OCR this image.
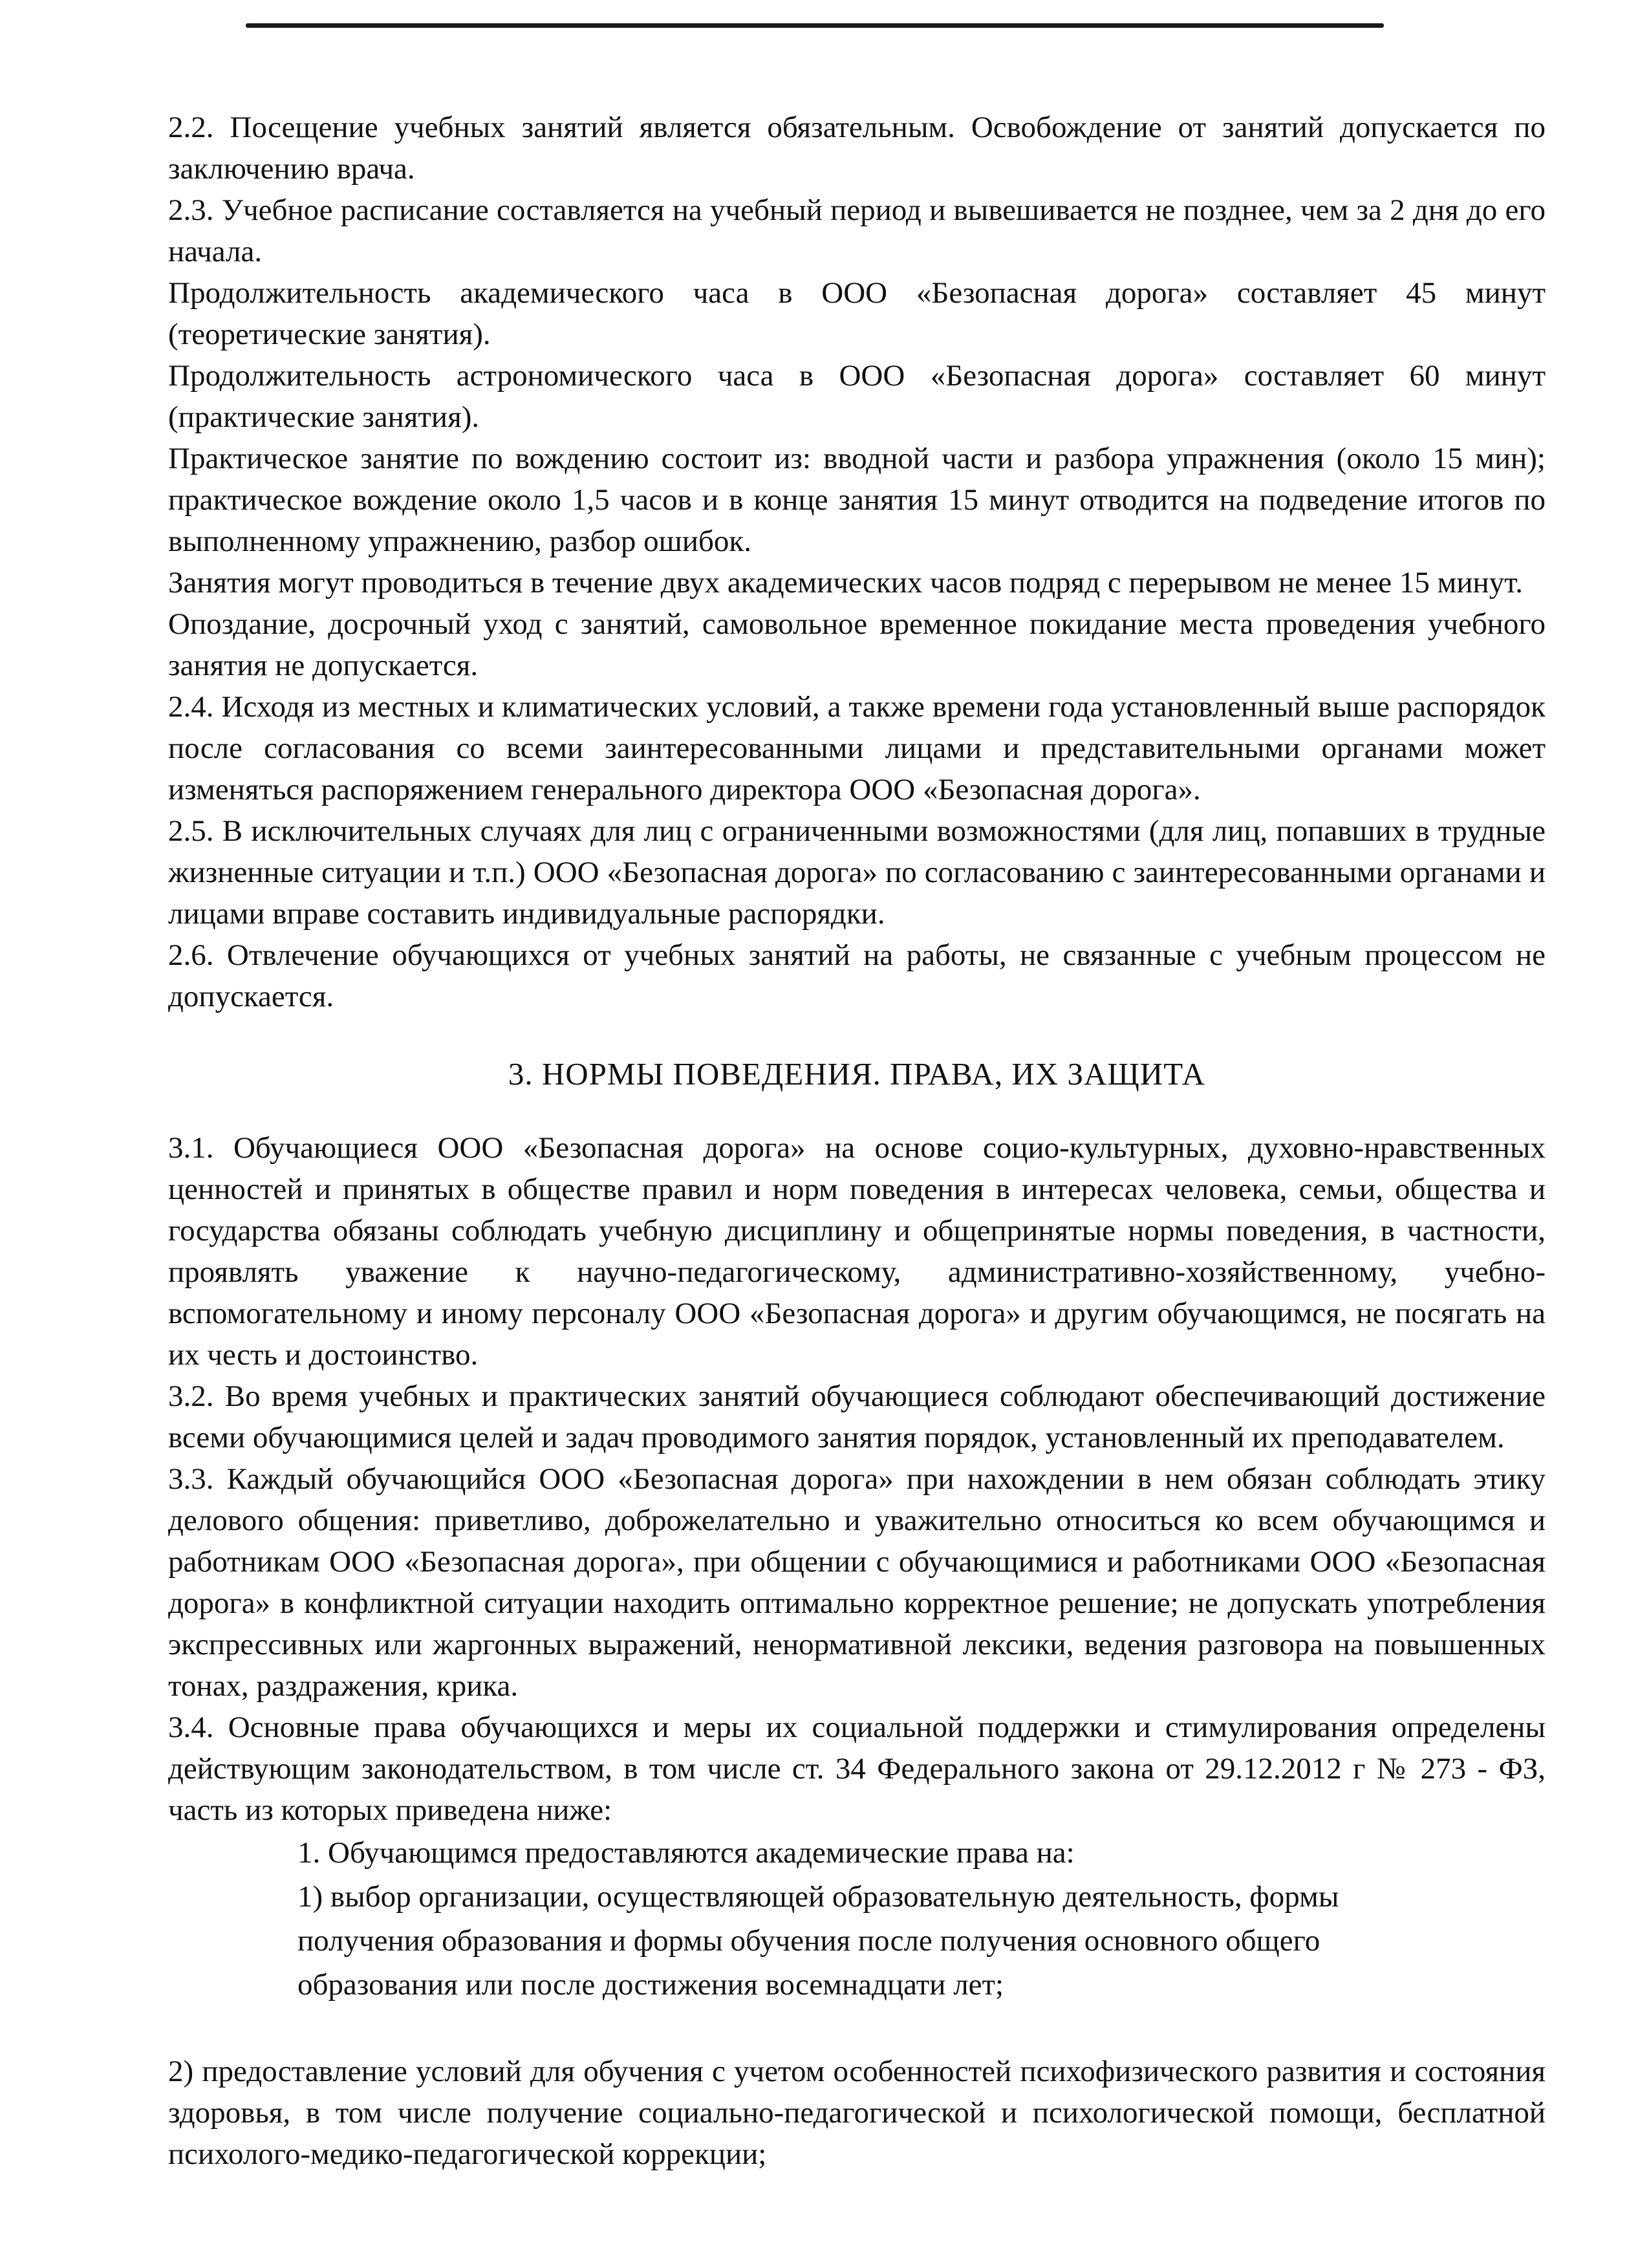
2.2. Посещение учебных занятий является обязательным. Освобождение от занятий допускается по заключению врача.

2.3. Учебное расписание составляется на учебный период и вывешивается не позднее, чем за 2 дня до его начала.

Продолжительность академического часа в ООО «Безопасная дорога» составляет 45 минут (теоретические занятия).

Продолжительность астрономического часа в ООО «Безопасная дорога» составляет 60 минут (практические занятия).

Практическое занятие по вождению состоит из: вводной части и разбора упражнения (около 15 мин); практическое вождение около 1,5 часов и в конце занятия 15 минут отводится на подведение итогов по выполненному упражнению, разбор ошибок.

Занятия могут проводиться в течение двух академических часов подряд с перерывом не менее 15 минут.

Опоздание, досрочный уход с занятий, самовольное временное покидание места проведения учебного занятия не допускается.

2.4. Исходя из местных и климатических условий, а также времени года установленный выше распорядок после согласования со всеми заинтересованными лицами и представительными органами может изменяться распоряжением генерального директора ООО «Безопасная дорога».

2.5. В исключительных случаях для лиц с ограниченными возможностями (для лиц, попавших в трудные жизненные ситуации и т.п.) ООО «Безопасная дорога» по согласованию с заинтересованными органами и лицами вправе составить индивидуальные распорядки.

2.6. Отвлечение обучающихся от учебных занятий на работы, не связанные с учебным процессом не допускается.

3. НОРМЫ ПОВЕДЕНИЯ. ПРАВА, ИХ ЗАЩИТА

3.1. Обучающиеся ООО «Безопасная дорога» на основе социо-культурных, духовно-нравственных ценностей и принятых в обществе правил и норм поведения в интересах человека, семьи, общества и государства обязаны соблюдать учебную дисциплину и общепринятые нормы поведения, в частности, проявлять уважение к научно-педагогическому, административно-хозяйственному, учебно-вспомогательному и иному персоналу ООО «Безопасная дорога» и другим обучающимся, не посягать на их честь и достоинство.

3.2. Во время учебных и практических занятий обучающиеся соблюдают обеспечивающий достижение всеми обучающимися целей и задач проводимого занятия порядок, установленный их преподавателем.

3.3. Каждый обучающийся ООО «Безопасная дорога» при нахождении в нем обязан соблюдать этику делового общения: приветливо, доброжелательно и уважительно относиться ко всем обучающимся и работникам ООО «Безопасная дорога», при общении с обучающимися и работниками ООО «Безопасная дорога» в конфликтной ситуации находить оптимально корректное решение; не допускать употребления экспрессивных или жаргонных выражений, ненормативной лексики, ведения разговора на повышенных тонах, раздражения, крика.

3.4. Основные права обучающихся и меры их социальной поддержки и стимулирования определены действующим законодательством, в том числе ст. 34 Федерального закона от 29.12.2012 г № 273 - ФЗ, часть из которых приведена ниже:

1. Обучающимся предоставляются академические права на:

1) выбор организации, осуществляющей образовательную деятельность, формы получения образования и формы обучения после получения основного общего образования или после достижения восемнадцати лет;

2) предоставление условий для обучения с учетом особенностей психофизического развития и состояния здоровья, в том числе получение социально-педагогической и психологической помощи, бесплатной психолого-медико-педагогической коррекции;
